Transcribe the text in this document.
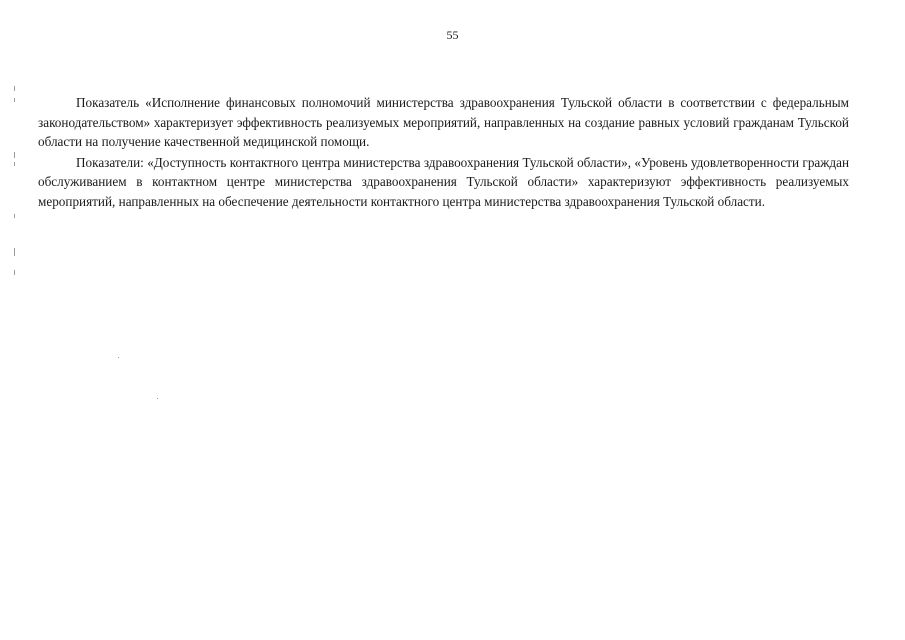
55

Показатель «Исполнение финансовых полномочий министерства здравоохранения Тульской области в соответствии с федеральным законодательством» характеризует эффективность реализуемых мероприятий, направленных на создание равных условий гражданам Тульской области на получение качественной медицинской помощи.

Показатели: «Доступность контактного центра министерства здравоохранения Тульской области», «Уровень удовлетворенности граждан обслуживанием в контактном центре министерства здравоохранения Тульской области» характеризуют эффективность реализуемых мероприятий, направленных на обеспечение деятельности контактного центра министерства здравоохранения Тульской области.
